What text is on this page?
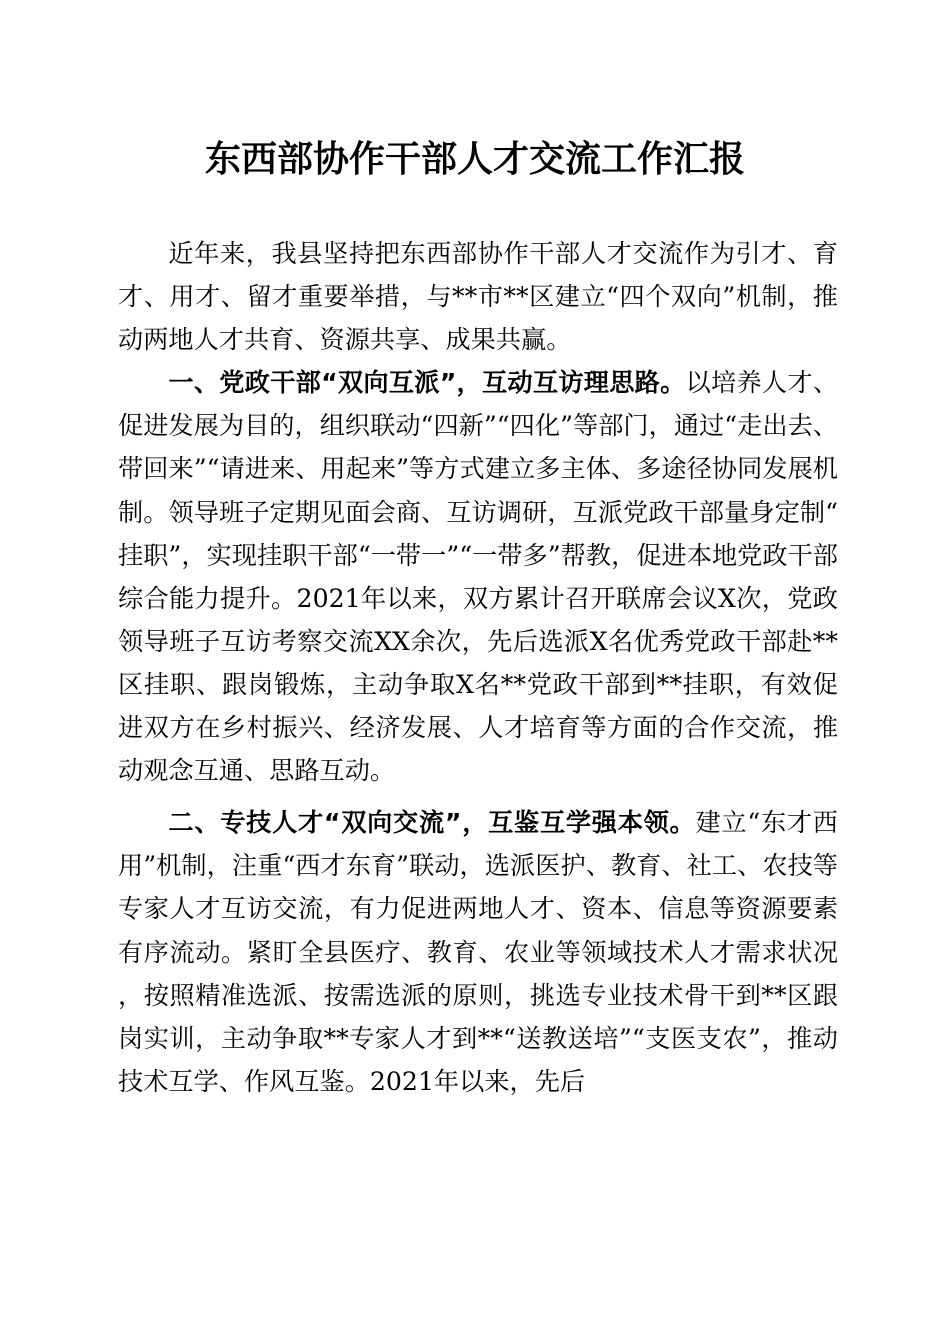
东西部协作干部人才交流工作汇报

近年来，我县坚持把东西部协作干部人才交流作为引才、育才、用才、留才重要举措，与**市**区建立“四个双向”机制，推动两地人才共育、资源共享、成果共赢。

一、党政干部“双向互派”，互动互访理思路。以培养人才、促进发展为目的，组织联动“四新”“四化”等部门，通过“走出去、带回来”“请进来、用起来”等方式建立多主体、多途径协同发展机制。领导班子定期见面会商、互访调研，互派党政干部量身定制“挂职”，实现挂职干部“一带一”“一带多”帮教，促进本地党政干部综合能力提升。2021年以来，双方累计召开联席会议X次，党政领导班子互访考察交流XX余次，先后选派X名优秀党政干部赴**区挂职、跟岗锻炼，主动争取X名**党政干部到**挂职，有效促进双方在乡村振兴、经济发展、人才培育等方面的合作交流，推动观念互通、思路互动。

二、专技人才“双向交流”，互鉴互学强本领。建立“东才西用”机制，注重“西才东育”联动，选派医护、教育、社工、农技等专家人才互访交流，有力促进两地人才、资本、信息等资源要素有序流动。紧盯全县医疗、教育、农业等领域技术人才需求状况，按照精准选派、按需选派的原则，挑选专业技术骨干到**区跟岗实训，主动争取**专家人才到**“送教送培”“支医支农”，推动技术互学、作风互鉴。2021年以来，先后
